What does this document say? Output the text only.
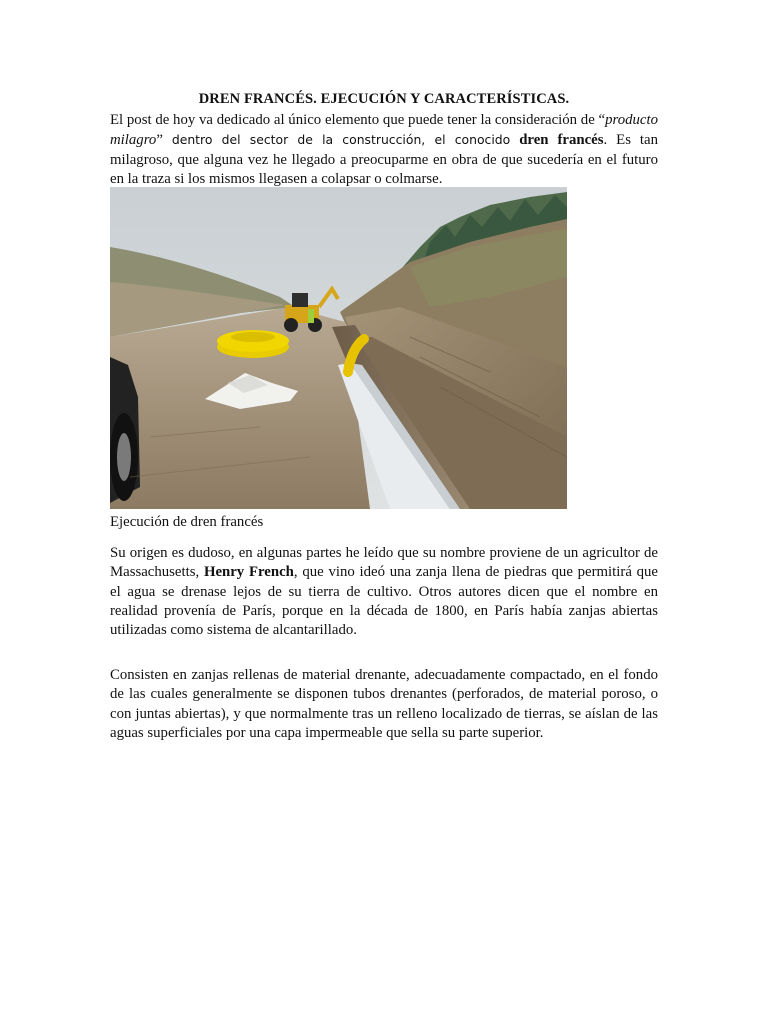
DREN FRANCÉS. EJECUCIÓN Y CARACTERÍSTICAS.
El post de hoy va dedicado al único elemento que puede tener la consideración de “producto milagro” dentro del sector de la construcción, el conocido dren francés. Es tan milagroso, que alguna vez he llegado a preocuparme en obra de que sucedería en el futuro en la traza si los mismos llegasen a colapsar o colmarse.
Ejecución de dren francés
Su origen es dudoso, en algunas partes he leído que su nombre proviene de un agricultor de Massachusetts, Henry French, que vino ideó una zanja llena de piedras que permitirá que el agua se drenase lejos de su tierra de cultivo. Otros autores dicen que el nombre en realidad provenía de París, porque en la década de 1800, en París había zanjas abiertas utilizadas como sistema de alcantarillado.
Consisten en zanjas rellenas de material drenante, adecuadamente compactado, en el fondo de las cuales generalmente se disponen tubos drenantes (perforados, de material poroso, o con juntas abiertas), y que normalmente tras un relleno localizado de tierras, se aíslan de las aguas superficiales por una capa impermeable que sella su parte superior.
